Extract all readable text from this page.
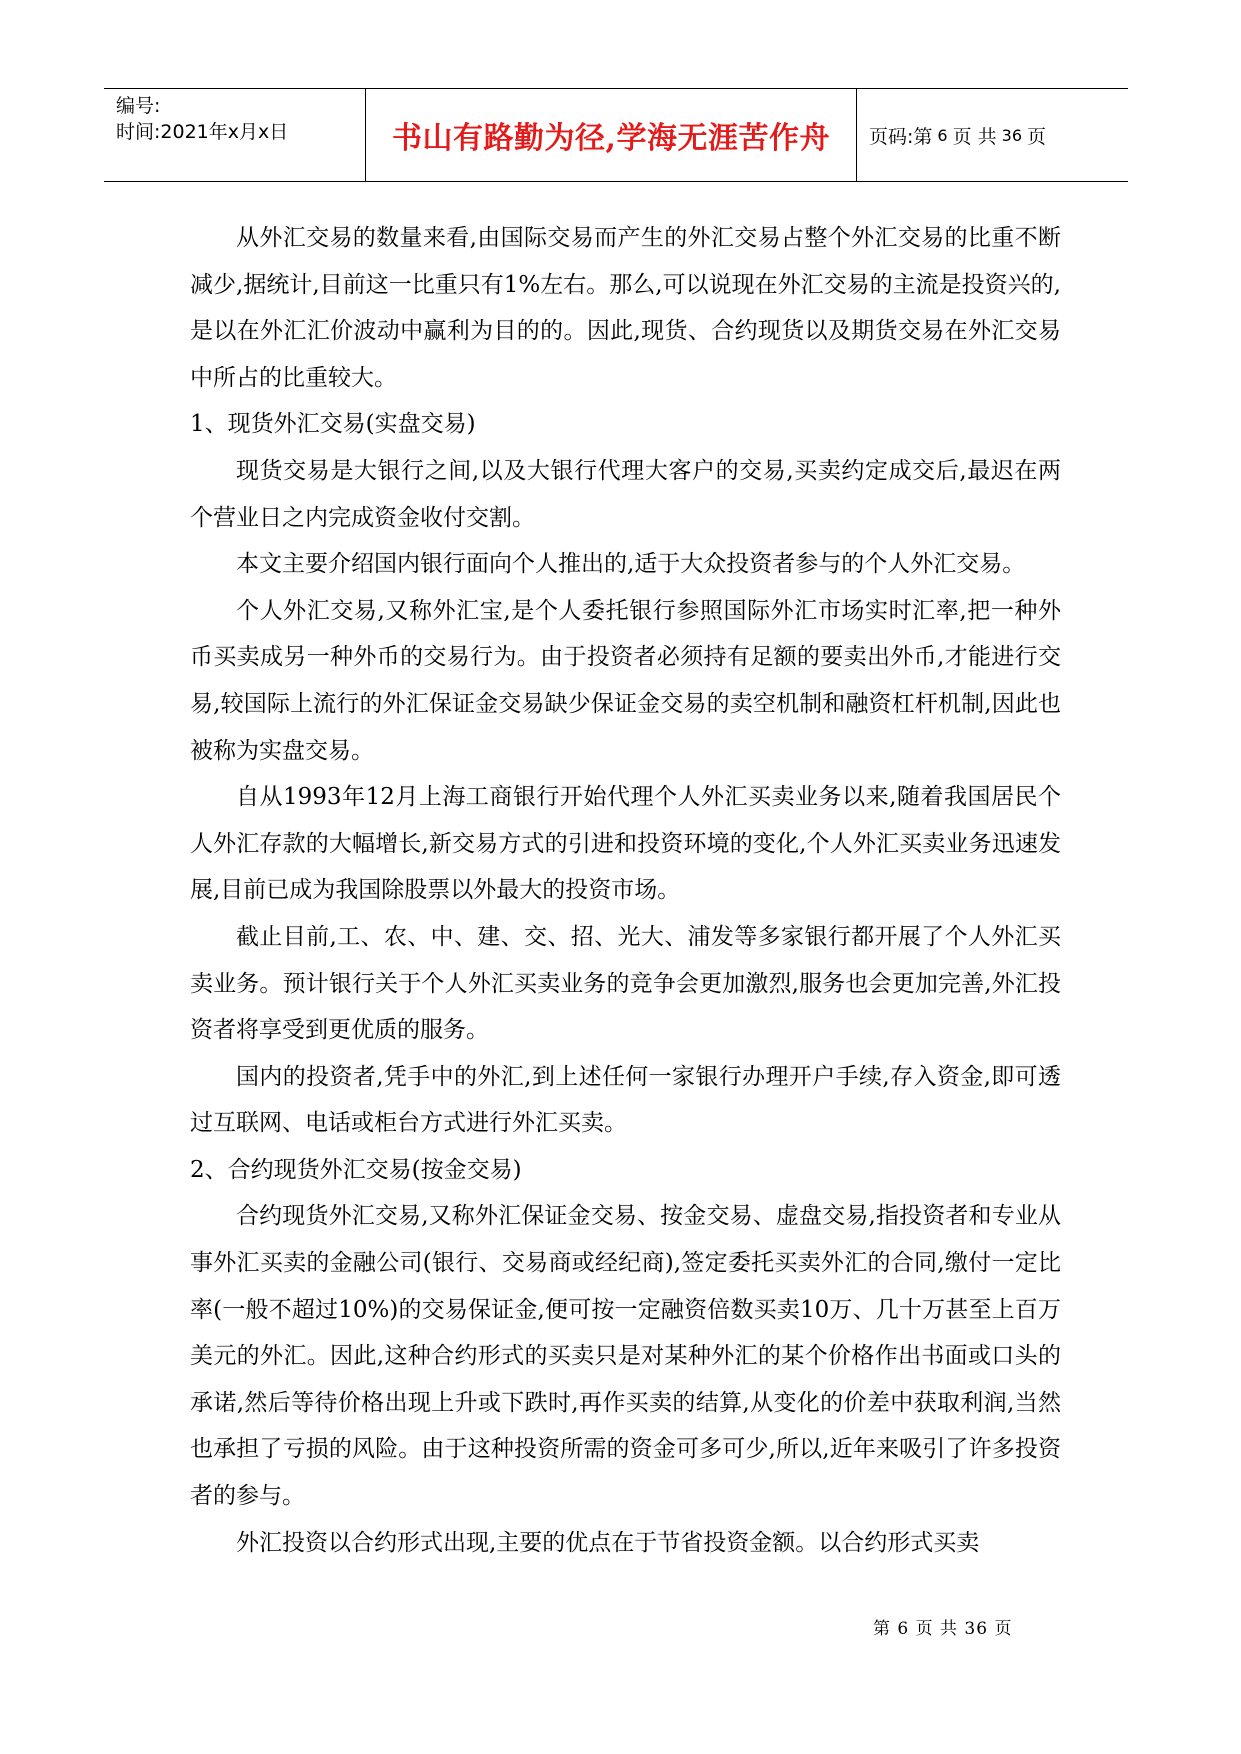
编号:
时间:2021年x月x日	书山有路勤为径,学海无涯苦作舟 页码:第 6 页 共 36 页

从外汇交易的数量来看,由国际交易而产生的外汇交易占整个外汇交易的比重不断减少,据统计,目前这一比重只有1%左右。那么,可以说现在外汇交易的主流是投资兴的,是以在外汇汇价波动中赢利为目的的。因此,现货、合约现货以及期货交易在外汇交易中所占的比重较大。

1、现货外汇交易(实盘交易)

现货交易是大银行之间,以及大银行代理大客户的交易,买卖约定成交后,最迟在两个营业日之内完成资金收付交割。

本文主要介绍国内银行面向个人推出的,适于大众投资者参与的个人外汇交易。

个人外汇交易,又称外汇宝,是个人委托银行参照国际外汇市场实时汇率,把一种外币买卖成另一种外币的交易行为。由于投资者必须持有足额的要卖出外币,才能进行交易,较国际上流行的外汇保证金交易缺少保证金交易的卖空机制和融资杠杆机制,因此也被称为实盘交易。

自从1993年12月上海工商银行开始代理个人外汇买卖业务以来,随着我国居民个人外汇存款的大幅增长,新交易方式的引进和投资环境的变化,个人外汇买卖业务迅速发展,目前已成为我国除股票以外最大的投资市场。

截止目前,工、农、中、建、交、招、光大、浦发等多家银行都开展了个人外汇买卖业务。预计银行关于个人外汇买卖业务的竞争会更加激烈,服务也会更加完善,外汇投资者将享受到更优质的服务。

国内的投资者,凭手中的外汇,到上述任何一家银行办理开户手续,存入资金,即可透过互联网、电话或柜台方式进行外汇买卖。

2、合约现货外汇交易(按金交易)

合约现货外汇交易,又称外汇保证金交易、按金交易、虚盘交易,指投资者和专业从事外汇买卖的金融公司(银行、交易商或经纪商),签定委托买卖外汇的合同,缴付一定比率(一般不超过10%)的交易保证金,便可按一定融资倍数买卖10万、几十万甚至上百万美元的外汇。因此,这种合约形式的买卖只是对某种外汇的某个价格作出书面或口头的承诺,然后等待价格出现上升或下跌时,再作买卖的结算,从变化的价差中获取利润,当然也承担了亏损的风险。由于这种投资所需的资金可多可少,所以,近年来吸引了许多投资者的参与。

外汇投资以合约形式出现,主要的优点在于节省投资金额。以合约形式买卖

第 6 页 共 36 页
